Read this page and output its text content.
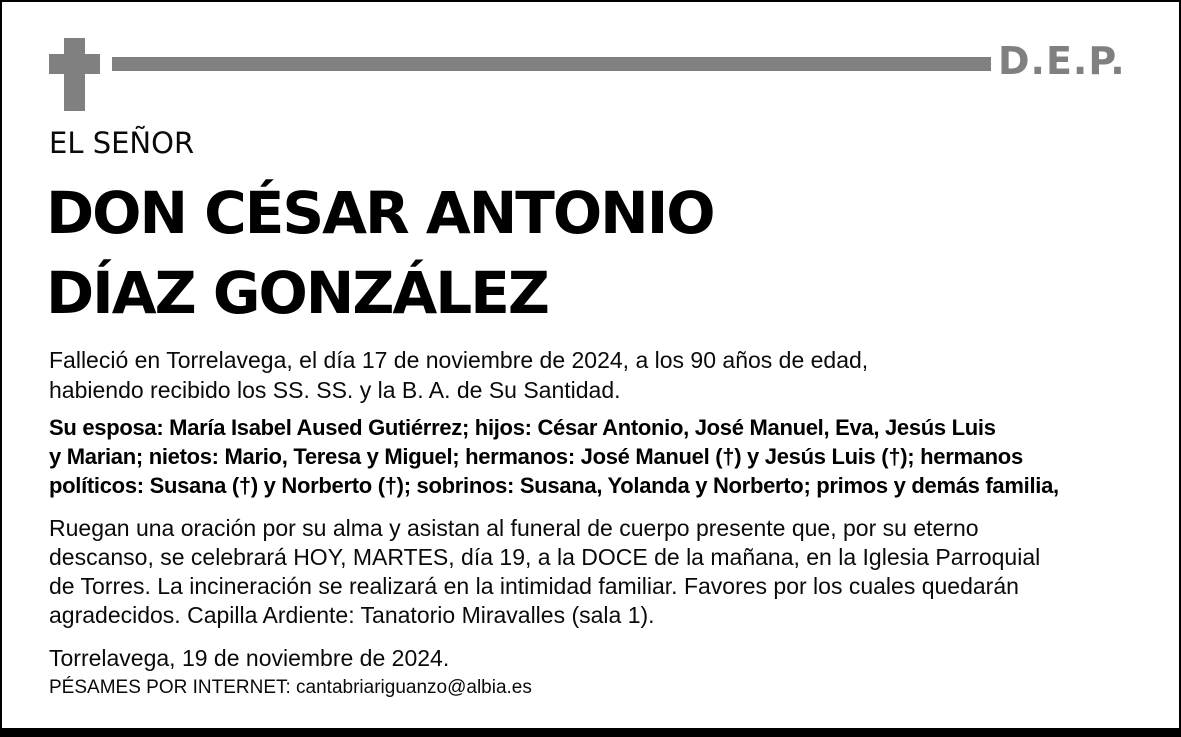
D.E.P.
EL SEÑOR
DON CÉSAR ANTONIO
DÍAZ GONZÁLEZ

Falleció en Torrelavega, el día 17 de noviembre de 2024, a los 90 años de edad,
habiendo recibido los SS. SS. y la B. A. de Su Santidad.

Su esposa: María Isabel Aused Gutiérrez; hijos: César Antonio, José Manuel, Eva, Jesús Luis
y Marian; nietos: Mario, Teresa y Miguel; hermanos: José Manuel (†) y Jesús Luis (†); hermanos
políticos: Susana (†) y Norberto (†); sobrinos: Susana, Yolanda y Norberto; primos y demás familia,

Ruegan una oración por su alma y asistan al funeral de cuerpo presente que, por su eterno
descanso, se celebrará HOY, MARTES, día 19, a la DOCE de la mañana, en la Iglesia Parroquial
de Torres. La incineración se realizará en la intimidad familiar. Favores por los cuales quedarán
agradecidos. Capilla Ardiente: Tanatorio Miravalles (sala 1).

Torrelavega, 19 de noviembre de 2024.

PÉSAMES POR INTERNET: cantabriariguanzo@albia.es
